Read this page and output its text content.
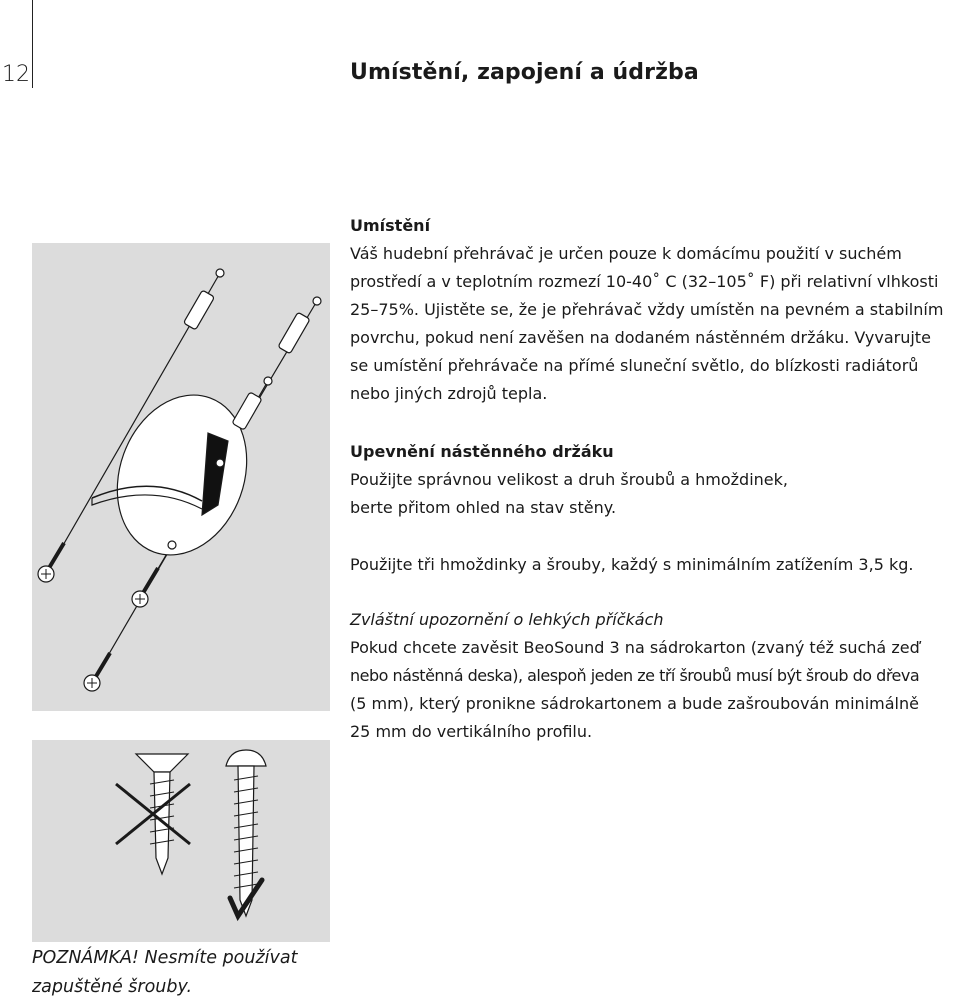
12	Umístění, zapojení a údržba

Umístění

Váš hudební přehrávač je určen pouze k domácímu použití v suchém

prostředí a v teplotním rozmezí 10-40˚ C (32–105˚ F) při relativní vlhkosti

25–75%. Ujistěte se, že je přehrávač vždy umístěn na pevném a stabilním

povrchu, pokud není zavěšen na dodaném nástěnném držáku. Vyvarujte

se umístění přehrávače na přímé sluneční světlo, do blízkosti radiátorů

nebo jiných zdrojů tepla.

Upevnění nástěnného držáku

Použijte správnou velikost a druh šroubů a hmoždinek,

berte přitom ohled na stav stěny.

Použijte tři hmoždinky a šrouby, každý s minimálním zatížením 3,5 kg.

Zvláštní upozornění o lehkých příčkách

Pokud chcete zavěsit BeoSound 3 na sádrokarton (zvaný též suchá zeď

nebo nástěnná deska), alespoň jeden ze tří šroubů musí být šroub do dřeva

(5 mm), který pronikne sádrokartonem a bude zašroubován minimálně

25 mm do vertikálního profilu.

POZNÁMKA! Nesmíte používat

zapuštěné šrouby.
